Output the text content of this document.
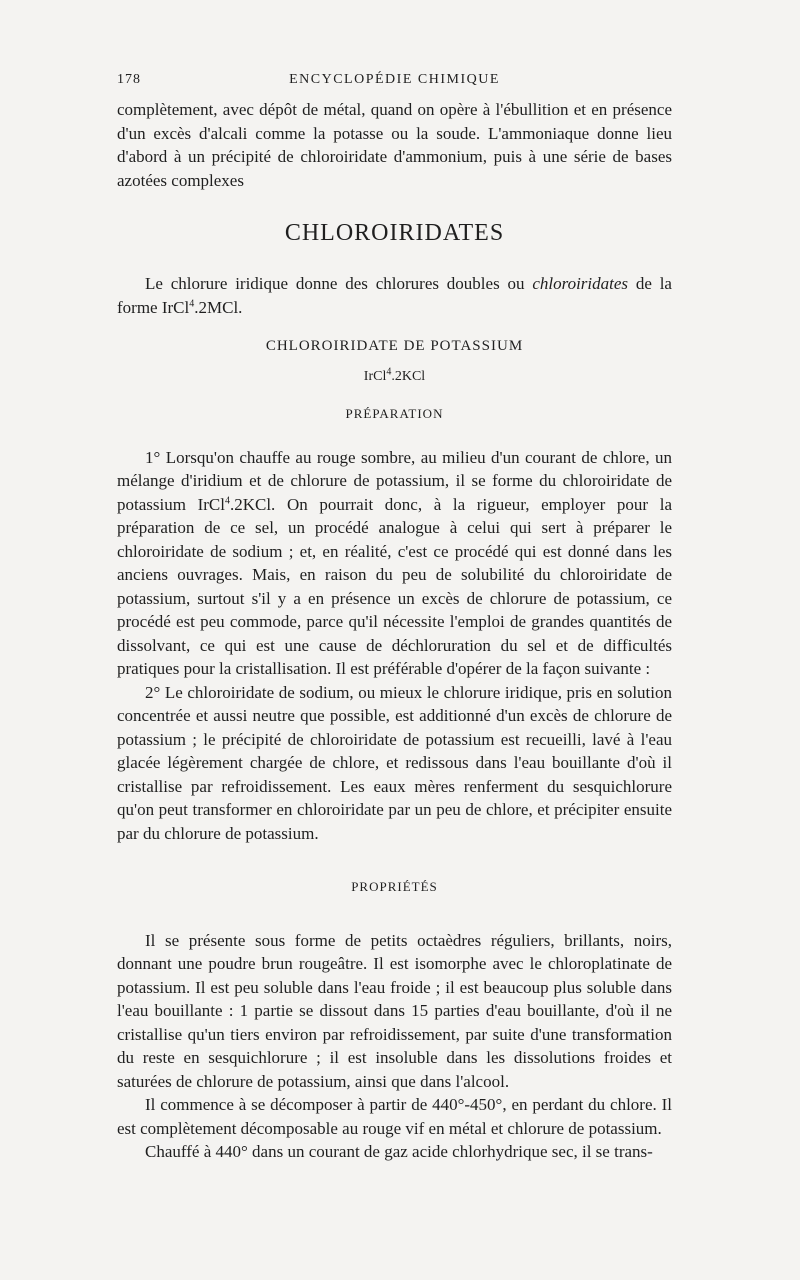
178	ENCYCLOPÉDIE CHIMIQUE

complètement, avec dépôt de métal, quand on opère à l'ébullition et en présence d'un excès d'alcali comme la potasse ou la soude. L'ammoniaque donne lieu d'abord à un précipité de chloroiridate d'ammonium, puis à une série de bases azotées complexes

CHLOROIRIDATES

Le chlorure iridique donne des chlorures doubles ou chloroiridates de la forme IrCl$^4$.2MCl.

CHLOROIRIDATE DE POTASSIUM
IrCl$^4$.2KCl
PRÉPARATION

1° Lorsqu'on chauffe au rouge sombre, au milieu d'un courant de chlore, un mélange d'iridium et de chlorure de potassium, il se forme du chloroiridate de potassium IrCl$^4$.2KCl. On pourrait donc, à la rigueur, employer pour la préparation de ce sel, un procédé analogue à celui qui sert à préparer le chloroiridate de sodium ; et, en réalité, c'est ce procédé qui est donné dans les anciens ouvrages. Mais, en raison du peu de solubilité du chloroiridate de potassium, surtout s'il y a en présence un excès de chlorure de potassium, ce procédé est peu commode, parce qu'il nécessite l'emploi de grandes quantités de dissolvant, ce qui est une cause de déchloruration du sel et de difficultés pratiques pour la cristallisation. Il est préférable d'opérer de la façon suivante :

2° Le chloroiridate de sodium, ou mieux le chlorure iridique, pris en solution concentrée et aussi neutre que possible, est additionné d'un excès de chlorure de potassium ; le précipité de chloroiridate de potassium est recueilli, lavé à l'eau glacée légèrement chargée de chlore, et redissous dans l'eau bouillante d'où il cristallise par refroidissement. Les eaux mères renferment du sesquichlorure qu'on peut transformer en chloroiridate par un peu de chlore, et précipiter ensuite par du chlorure de potassium.

PROPRIÉTÉS

Il se présente sous forme de petits octaèdres réguliers, brillants, noirs, donnant une poudre brun rougeâtre. Il est isomorphe avec le chloroplatinate de potassium. Il est peu soluble dans l'eau froide ; il est beaucoup plus soluble dans l'eau bouillante : 1 partie se dissout dans 15 parties d'eau bouillante, d'où il ne cristallise qu'un tiers environ par refroidissement, par suite d'une transformation du reste en sesquichlorure ; il est insoluble dans les dissolutions froides et saturées de chlorure de potassium, ainsi que dans l'alcool.

Il commence à se décomposer à partir de 440°-450°, en perdant du chlore. Il est complètement décomposable au rouge vif en métal et chlorure de potassium.

Chauffé à 440° dans un courant de gaz acide chlorhydrique sec, il se trans-
